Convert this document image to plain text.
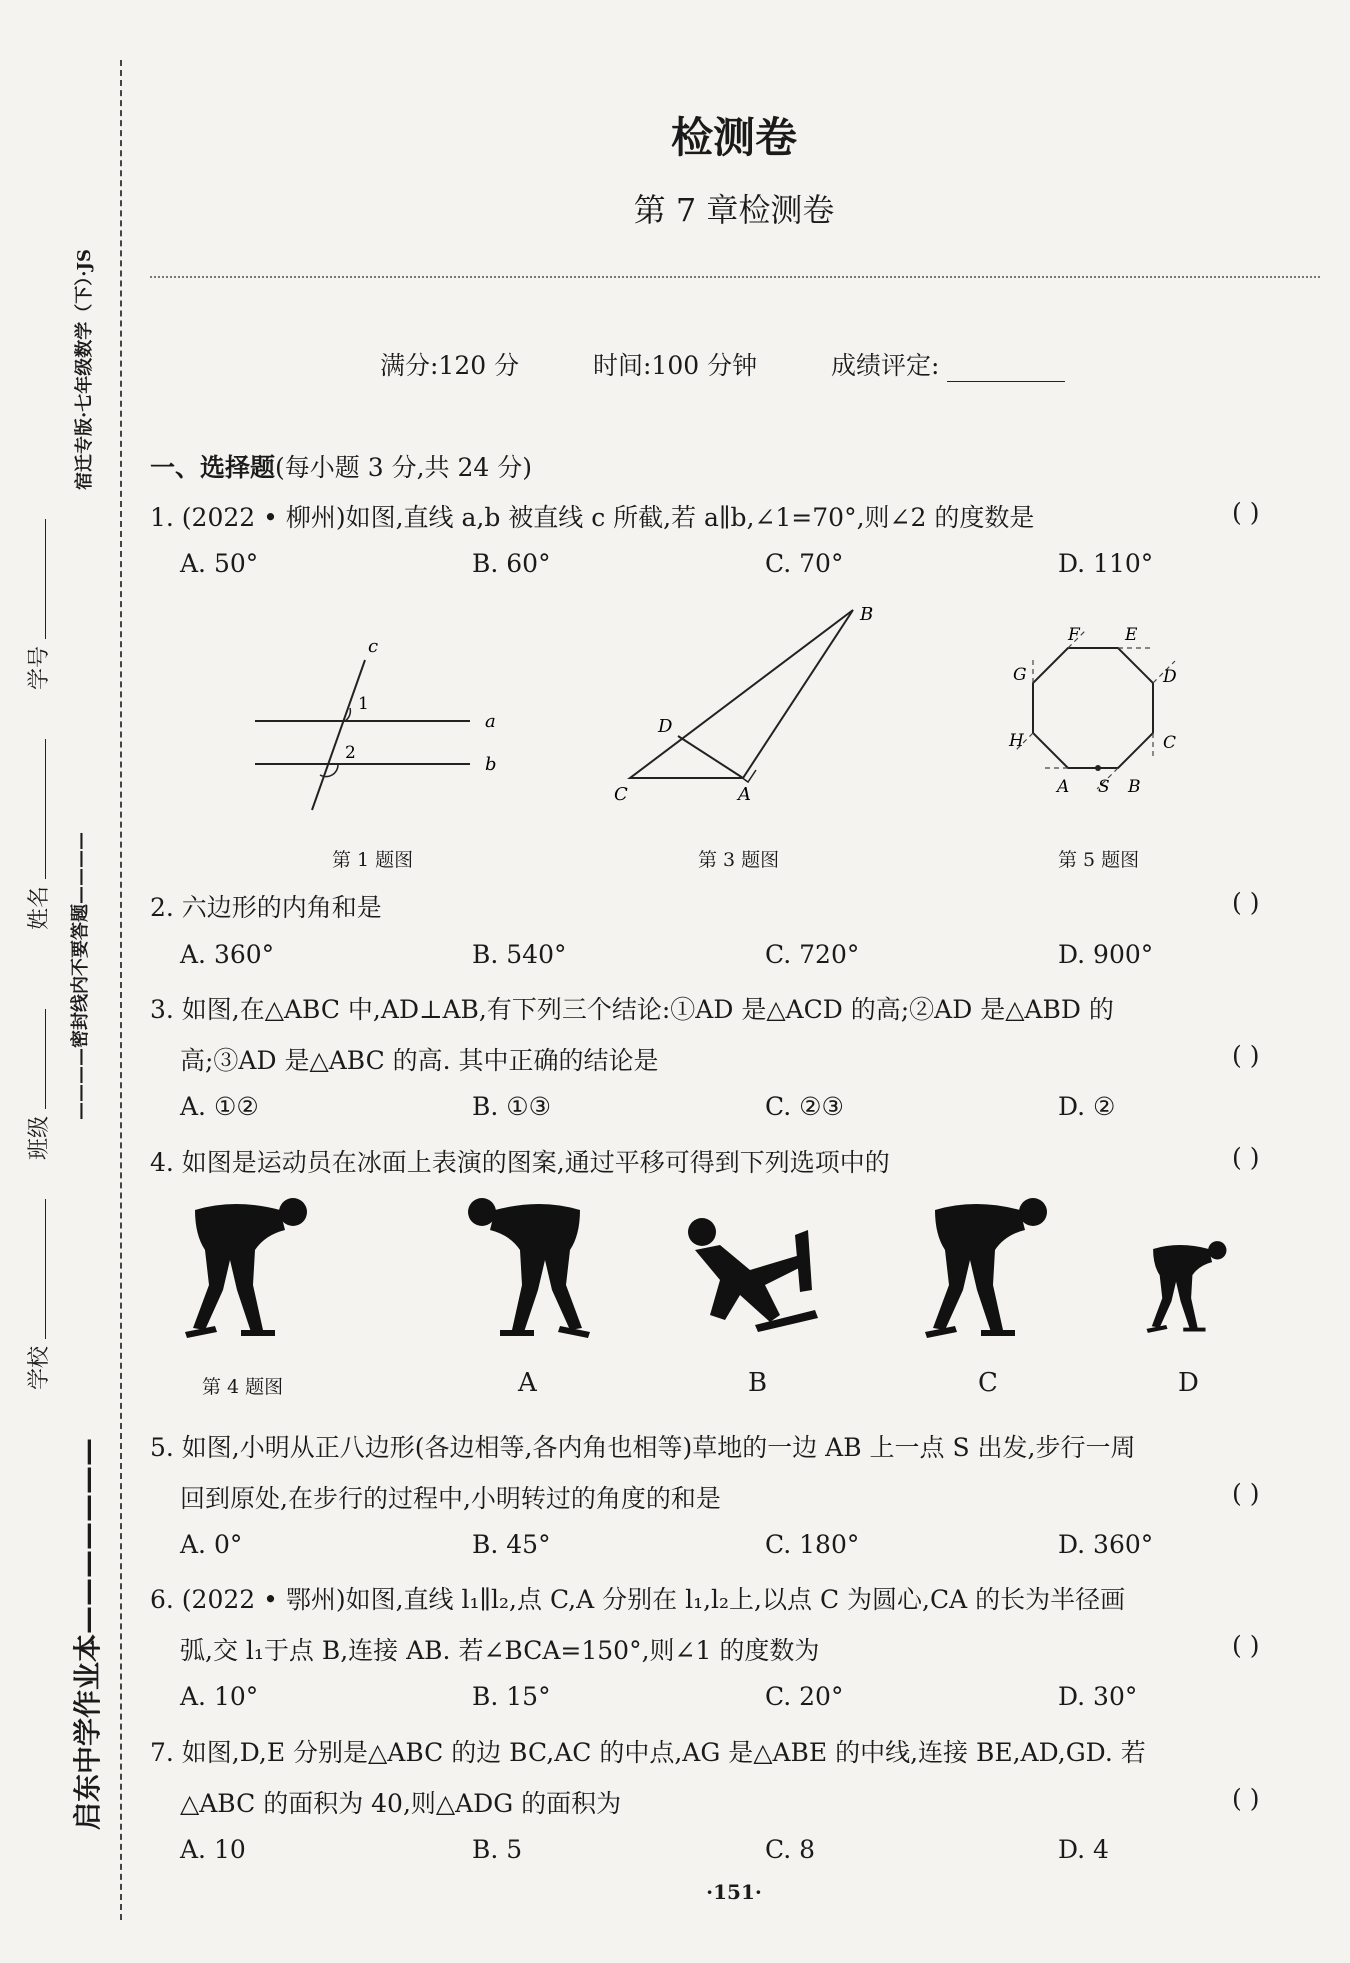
宿迁专版·七年级数学（下）·JS
学号
姓名
————密封线内不要答题————
班级
学校
启东中学作业本———————
检测卷
第 7 章检测卷
满分:120 分	时间:100 分钟	成绩评定:
一、选择题(每小题 3 分,共 24 分)
1. (2022 • 柳州)如图,直线 a,b 被直线 c 所截,若 a∥b,∠1=70°,则∠2 的度数是	( )
A. 50°	B. 60°	C. 70°	D. 110°
c
1
2
a
b
第 1 题图
B
D
C	A
第 3 题图
F	E
G	D
H	C
A S B
第 5 题图
2. 六边形的内角和是	( )
A. 360°	B. 540°	C. 720°	D. 900°
3. 如图,在△ABC 中,AD⊥AB,有下列三个结论:①AD 是△ACD 的高;②AD 是△ABD 的
高;③AD 是△ABC 的高. 其中正确的结论是	( )
A. ①②	B. ①③	C. ②③	D. ②
4. 如图是运动员在冰面上表演的图案,通过平移可得到下列选项中的	( )
第 4 题图	A	B	C	D
5. 如图,小明从正八边形(各边相等,各内角也相等)草地的一边 AB 上一点 S 出发,步行一周
回到原处,在步行的过程中,小明转过的角度的和是	( )
A. 0°	B. 45°	C. 180°	D. 360°
6. (2022 • 鄂州)如图,直线 l₁∥l₂,点 C,A 分别在 l₁,l₂上,以点 C 为圆心,CA 的长为半径画
弧,交 l₁于点 B,连接 AB. 若∠BCA=150°,则∠1 的度数为	( )
A. 10°	B. 15°	C. 20°	D. 30°
7. 如图,D,E 分别是△ABC 的边 BC,AC 的中点,AG 是△ABE 的中线,连接 BE,AD,GD. 若
△ABC 的面积为 40,则△ADG 的面积为	( )
A. 10	B. 5	C. 8	D. 4
·151·
